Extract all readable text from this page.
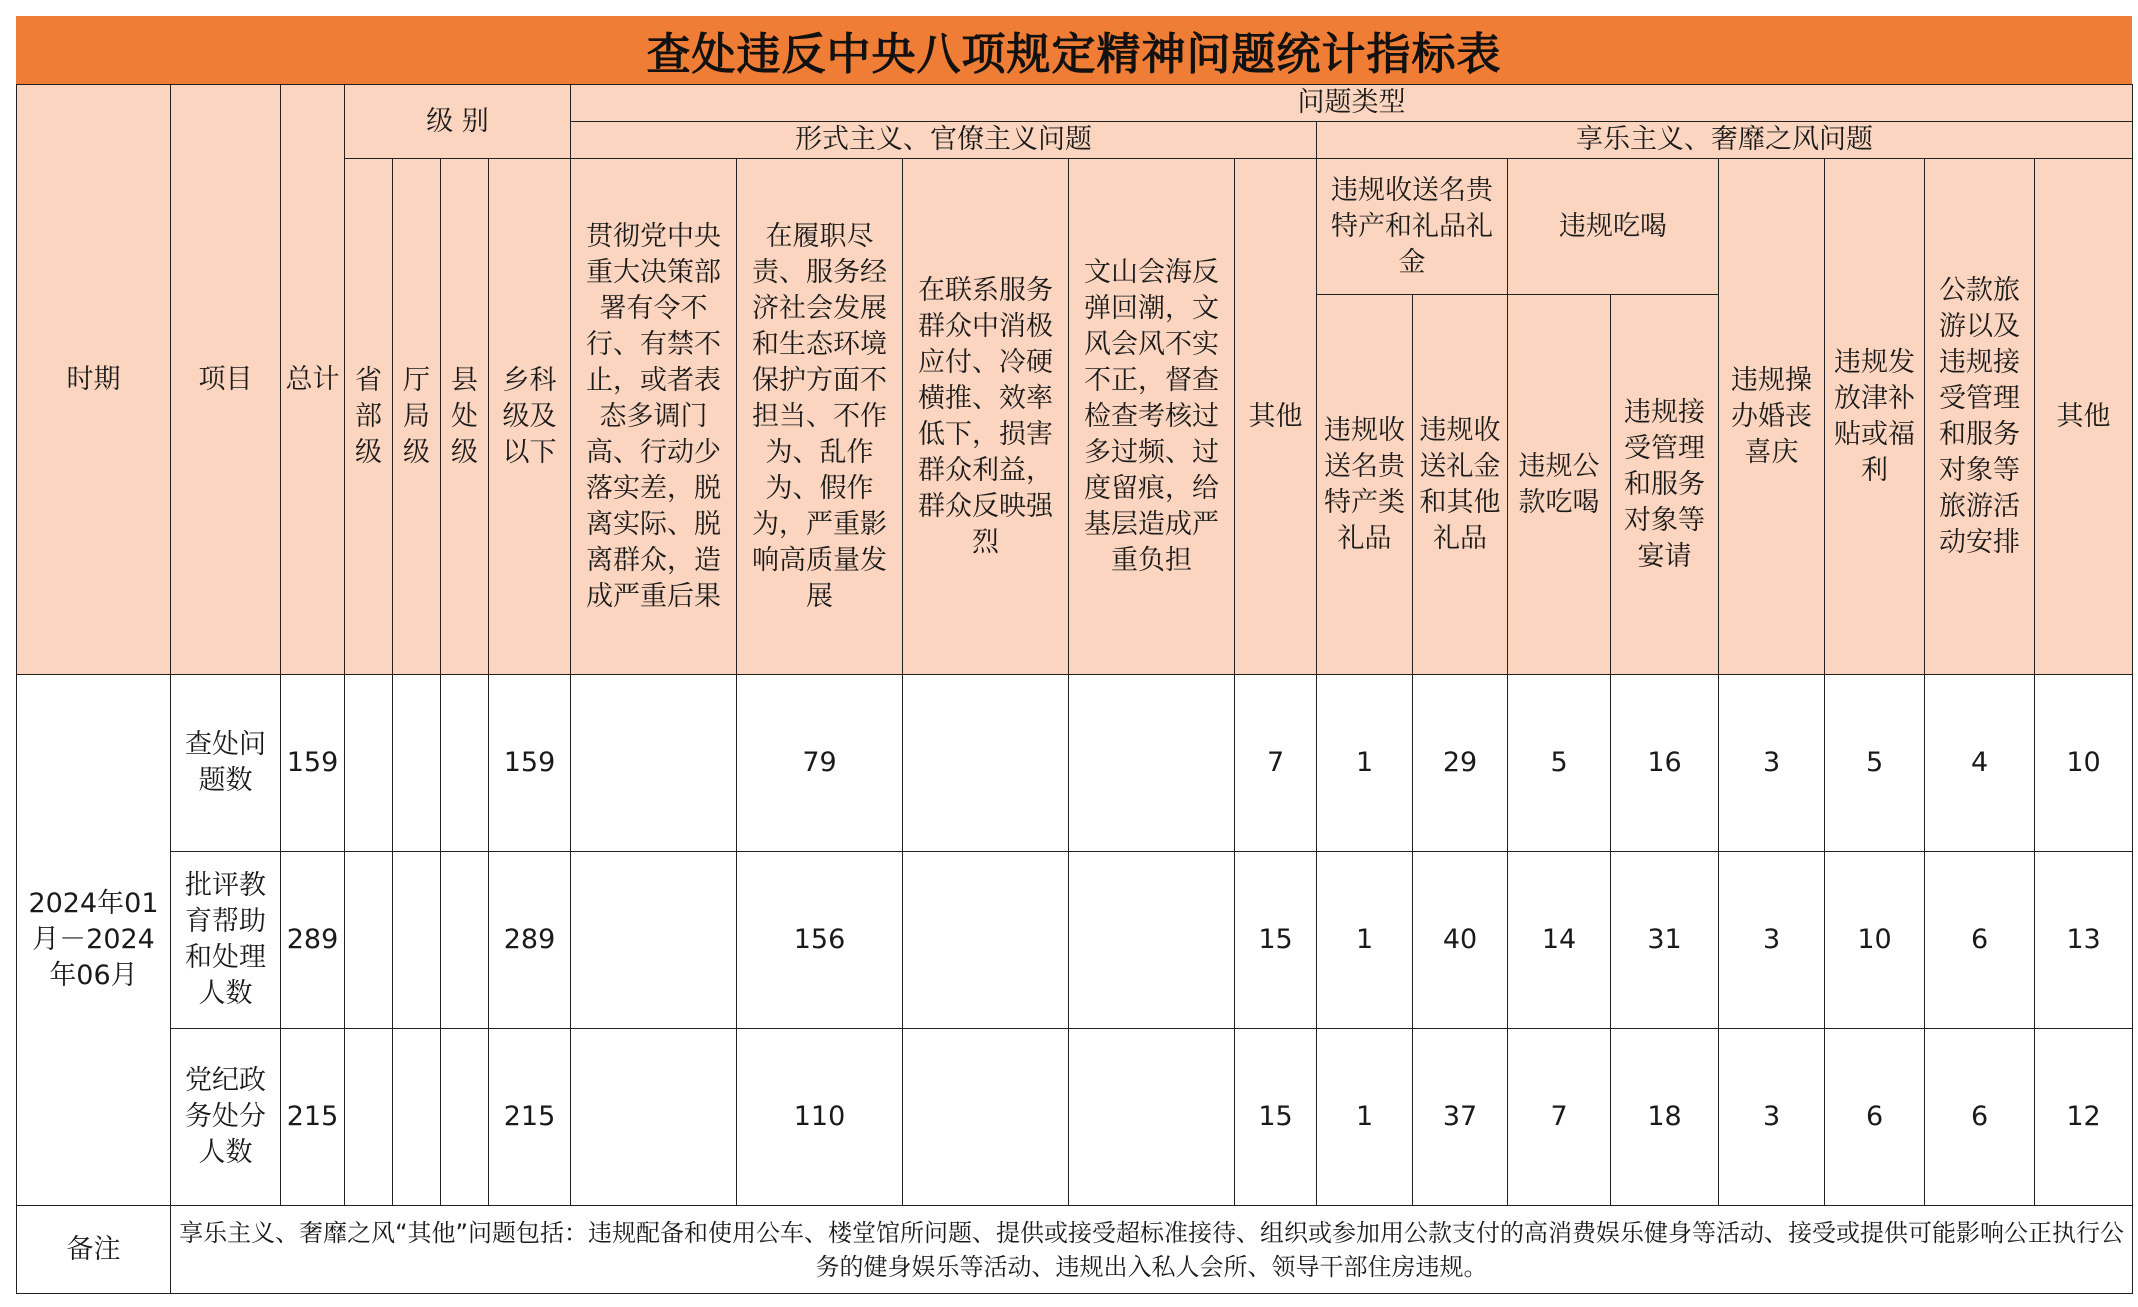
查处违反中央八项规定精神问题统计指标表
时期	项目	总计	级 别				问题类型												
							形式主义、官僚主义问题					享乐主义、奢靡之风问题							
			省部级	厅局级	县处级	乡科级及以下	贯彻党中央重大决策部署有令不行、有禁不止，或者表态多调门高、行动少落实差，脱离实际、脱离群众，造成严重后果	在履职尽责、服务经济社会发展和生态环境保护方面不担当、不作为、乱作为、假作为，严重影响高质量发展	在联系服务群众中消极应付、冷硬横推、效率低下，损害群众利益，群众反映强烈	文山会海反弹回潮，文风会风不实不正，督查检查考核过多过频、过度留痕，给基层造成严重负担	其他	违规收送名贵特产和礼品礼金		违规吃喝		违规操办婚丧喜庆	违规发放津补贴或福利	公款旅游以及违规接受管理和服务对象等旅游活动安排	其他
												违规收送名贵特产类礼品	违规收送礼金和其他礼品	违规公款吃喝	违规接受管理和服务对象等宴请				
2024年01月－2024年06月	查处问题数	159				159		79			7	1	29	5	16	3	5	4	10
	批评教育帮助和处理人数	289				289		156			15	1	40	14	31	3	10	6	13
	党纪政务处分人数	215				215		110			15	1	37	7	18	3	6	6	12
备注	享乐主义、奢靡之风“其他”问题包括：违规配备和使用公车、楼堂馆所问题、提供或接受超标准接待、组织或参加用公款支付的高消费娱乐健身等活动、接受或提供可能影响公正执行公务的健身娱乐等活动、违规出入私人会所、领导干部住房违规。																		
